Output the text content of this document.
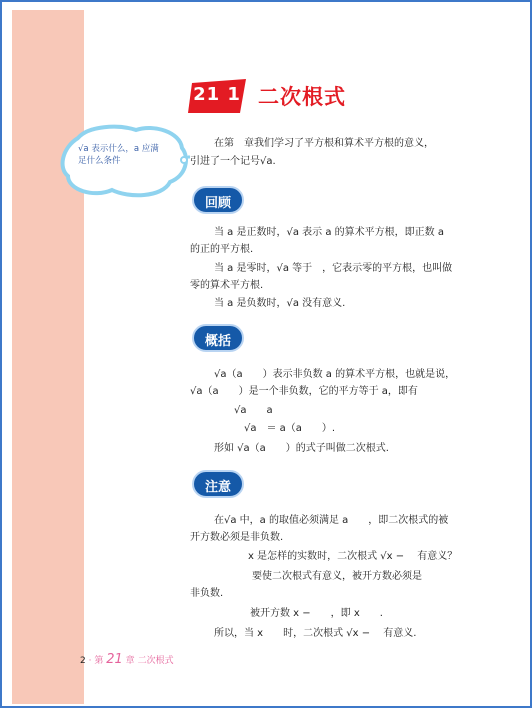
√a 表示什么，a 应满足什么条件
21 1 二次根式
在第　章我们学习了平方根和算术平方根的意义，
引进了一个记号√a.
回顾
当 a 是正数时，√a 表示 a 的算术平方根，即正数 a
的正的平方根.
当 a 是零时，√a 等于　，它表示零的平方根，也叫做
零的算术平方根.
当 a 是负数时，√a 没有意义.
概括
√a（a　　）表示非负数 a 的算术平方根，也就是说，
√a（a　　）是一个非负数，它的平方等于 a，即有
√a　　a
√a　＝ a（a　　）.
形如 √a（a　　）的式子叫做二次根式.
注意
在√a 中，a 的取值必须满足 a　　，即二次根式的被
开方数必须是非负数.
x 是怎样的实数时，二次根式 √x − 　有意义？
要使二次根式有意义，被开方数必须是
非负数.
被开方数 x −　　，即 x　　.
所以，当 x　　时，二次根式 √x − 　有意义.
2 · 第 21 章 二次根式
